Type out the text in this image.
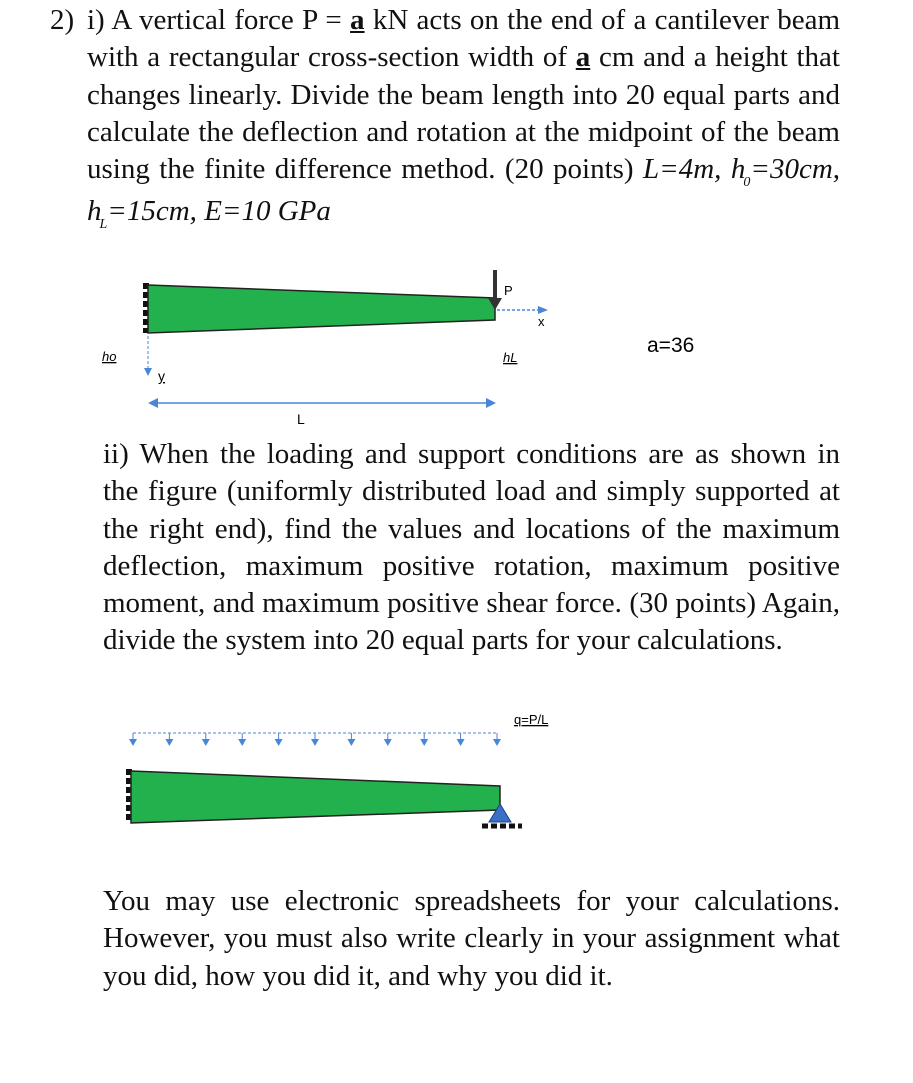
2) i) A vertical force P = a kN acts on the end of a cantilever beam with a rectangular cross-section width of a cm and a height that changes linearly. Divide the beam length into 20 equal parts and calculate the deflection and rotation at the midpoint of the beam using the finite difference method. (20 points) L=4m, $h_0=30cm$, $h_L=15cm$, E=10 GPa
P
x
y
ho	hL
L
a=36
ii) When the loading and support conditions are as shown in the figure (uniformly distributed load and simply supported at the right end), find the values and locations of the maximum deflection, maximum positive rotation, maximum positive moment, and maximum positive shear force. (30 points) Again, divide the system into 20 equal parts for your calculations.
q=P/L
You may use electronic spreadsheets for your calculations. However, you must also write clearly in your assignment what you did, how you did it, and why you did it.
